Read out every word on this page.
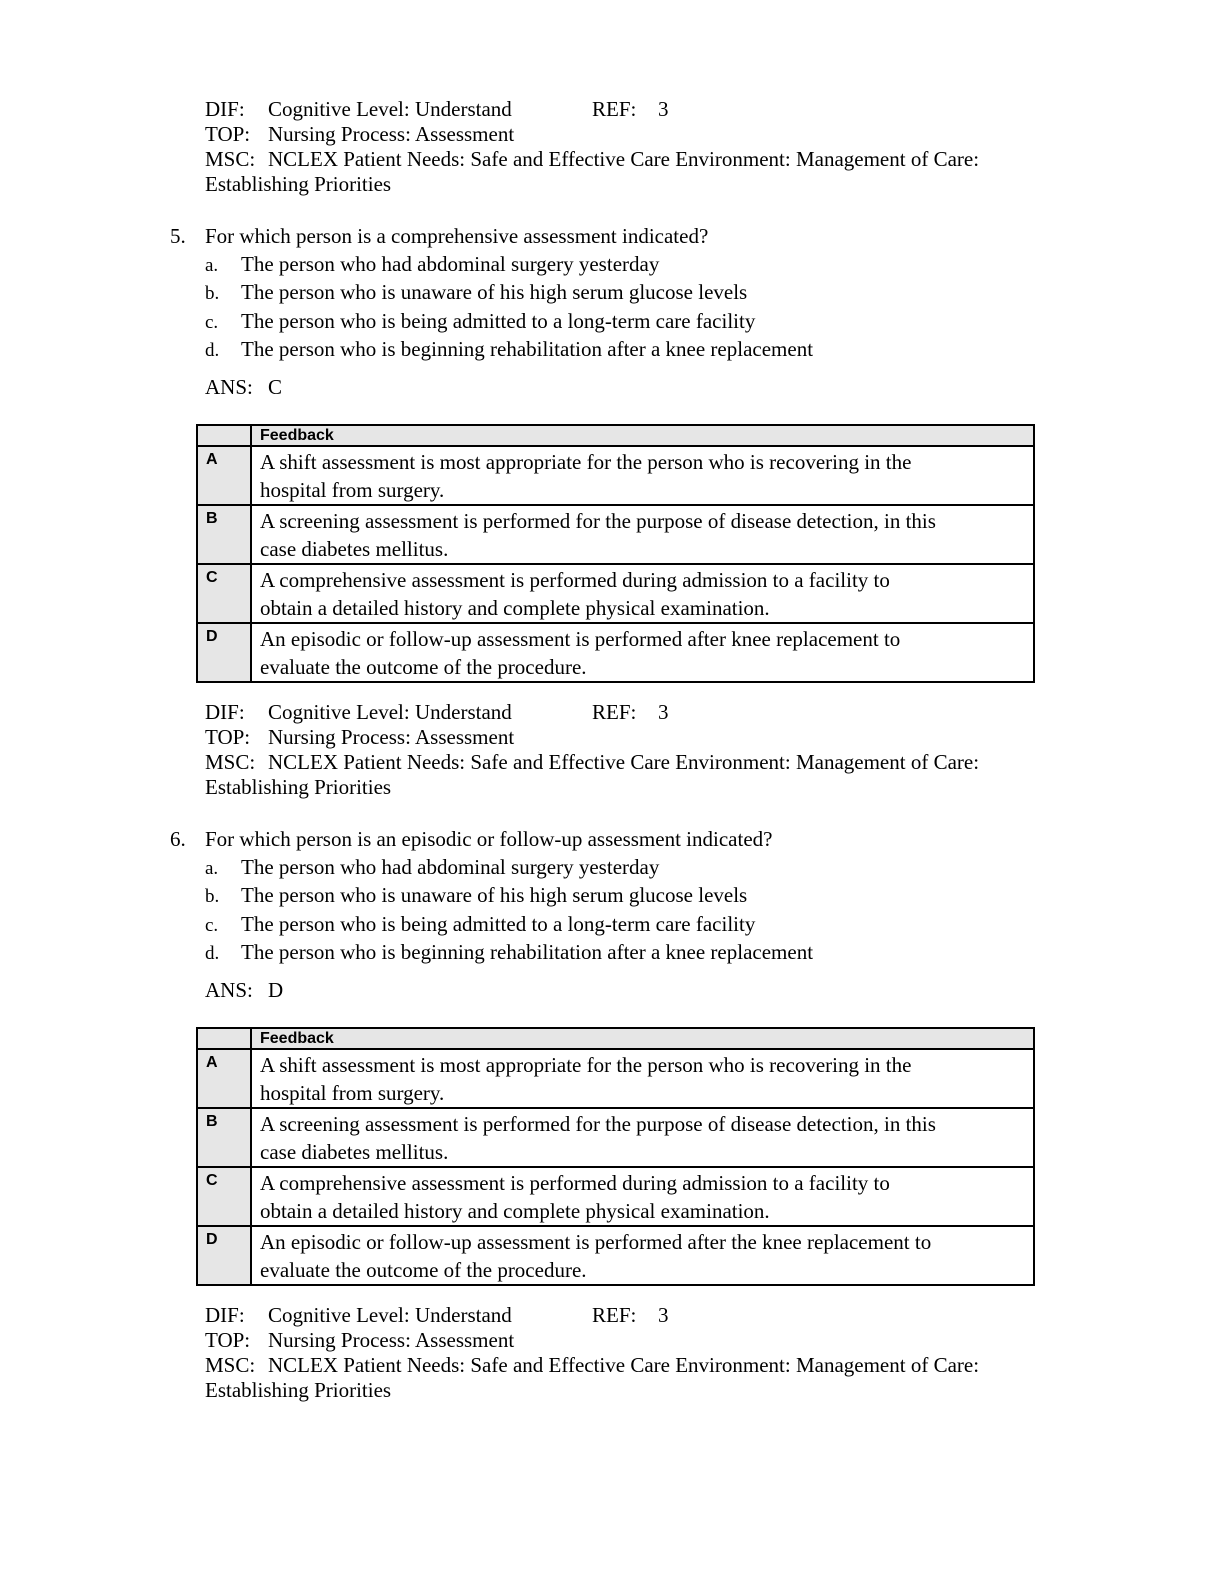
DIF: Cognitive Level: Understand	REF: 3
TOP: Nursing Process: Assessment
MSC: NCLEX Patient Needs: Safe and Effective Care Environment: Management of Care:
Establishing Priorities
5. For which person is a comprehensive assessment indicated?
a. The person who had abdominal surgery yesterday
b. The person who is unaware of his high serum glucose levels
c. The person who is being admitted to a long-term care facility
d. The person who is beginning rehabilitation after a knee replacement
ANS: C
	Feedback
A	A shift assessment is most appropriate for the person who is recovering in the
hospital from surgery.

B	A screening assessment is performed for the purpose of disease detection, in this
case diabetes mellitus.

C	A comprehensive assessment is performed during admission to a facility to
obtain a detailed history and complete physical examination.

D	An episodic or follow-up assessment is performed after knee replacement to
evaluate the outcome of the procedure.
DIF: Cognitive Level: Understand	REF: 3
TOP: Nursing Process: Assessment
MSC: NCLEX Patient Needs: Safe and Effective Care Environment: Management of Care:
Establishing Priorities
6. For which person is an episodic or follow-up assessment indicated?
a. The person who had abdominal surgery yesterday
b. The person who is unaware of his high serum glucose levels
c. The person who is being admitted to a long-term care facility
d. The person who is beginning rehabilitation after a knee replacement
ANS: D
	Feedback
A	A shift assessment is most appropriate for the person who is recovering in the
hospital from surgery.

B	A screening assessment is performed for the purpose of disease detection, in this
case diabetes mellitus.

C	A comprehensive assessment is performed during admission to a facility to
obtain a detailed history and complete physical examination.

D	An episodic or follow-up assessment is performed after the knee replacement to
evaluate the outcome of the procedure.
DIF: Cognitive Level: Understand	REF: 3
TOP: Nursing Process: Assessment
MSC: NCLEX Patient Needs: Safe and Effective Care Environment: Management of Care:
Establishing Priorities
